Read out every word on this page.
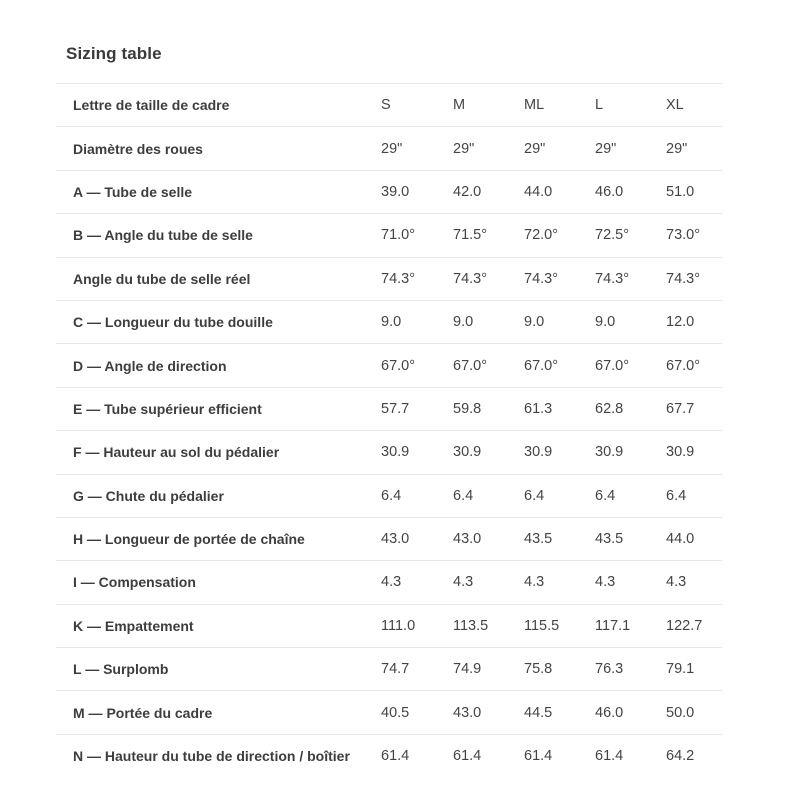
Sizing table
Lettre de taille de cadre	S	M	ML	L	XL
Diamètre des roues	29"	29"	29"	29"	29"
A — Tube de selle	39.0	42.0	44.0	46.0	51.0
B — Angle du tube de selle	71.0°	71.5°	72.0°	72.5°	73.0°
Angle du tube de selle réel	74.3°	74.3°	74.3°	74.3°	74.3°
C — Longueur du tube douille	9.0	9.0	9.0	9.0	12.0
D — Angle de direction	67.0°	67.0°	67.0°	67.0°	67.0°
E — Tube supérieur efficient	57.7	59.8	61.3	62.8	67.7
F — Hauteur au sol du pédalier	30.9	30.9	30.9	30.9	30.9
G — Chute du pédalier	6.4	6.4	6.4	6.4	6.4
H — Longueur de portée de chaîne	43.0	43.0	43.5	43.5	44.0
I — Compensation	4.3	4.3	4.3	4.3	4.3
K — Empattement	111.0	113.5	115.5	117.1	122.7
L — Surplomb	74.7	74.9	75.8	76.3	79.1
M — Portée du cadre	40.5	43.0	44.5	46.0	50.0
N — Hauteur du tube de direction / boîtier	61.4	61.4	61.4	61.4	64.2
